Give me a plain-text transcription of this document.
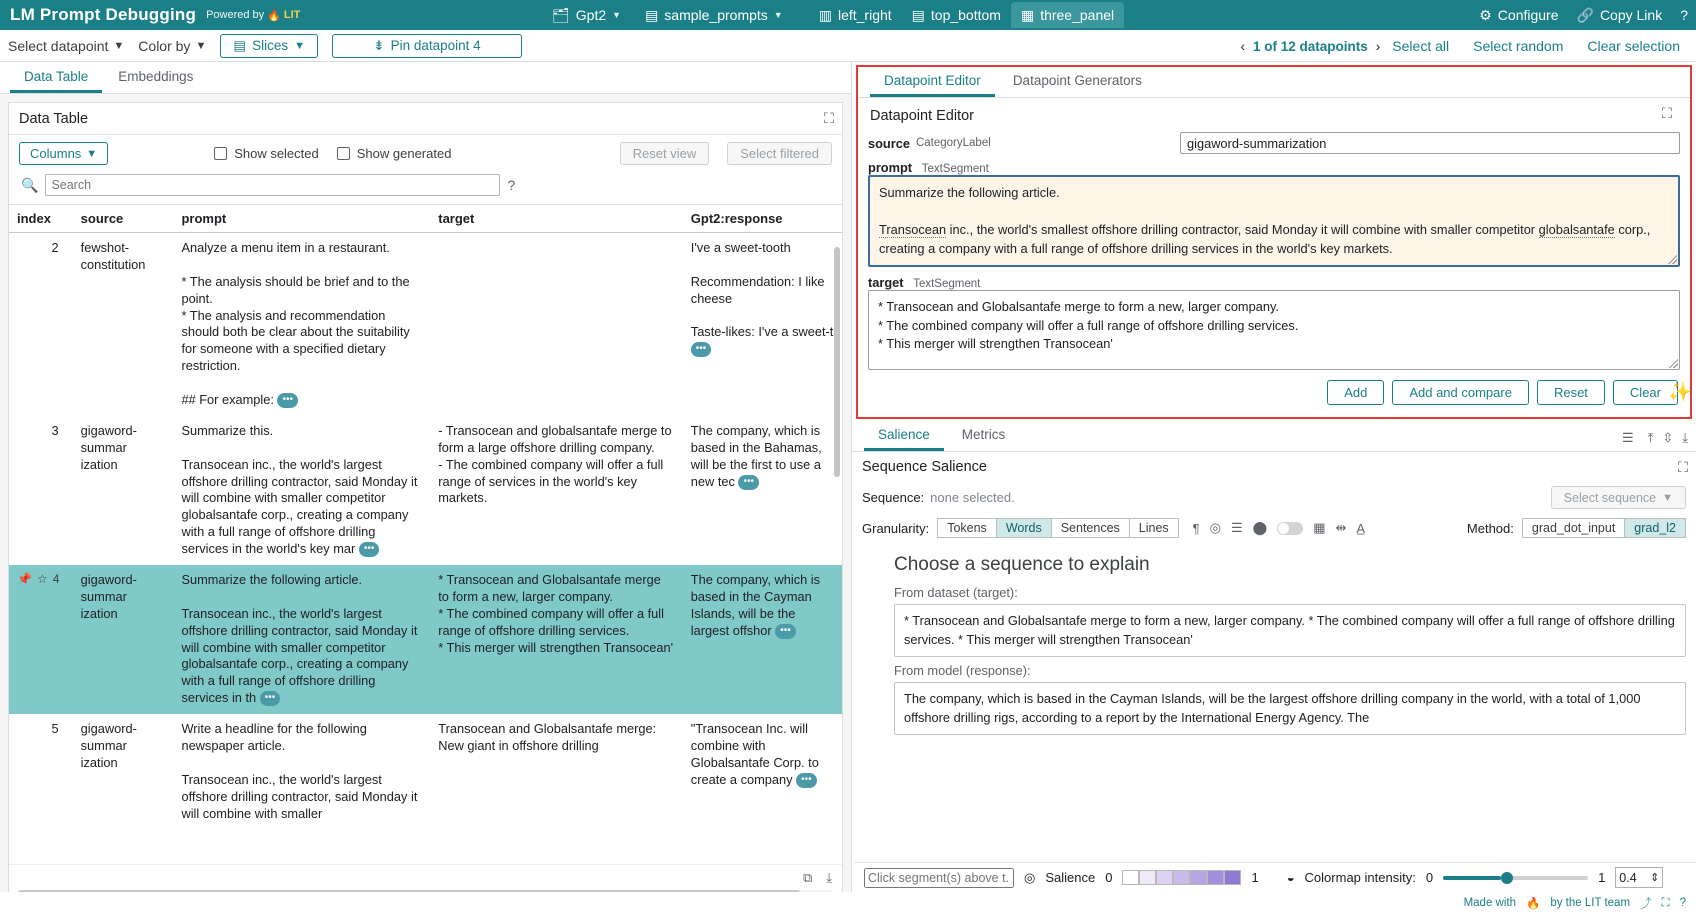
LM Prompt Debugging Powered by 🔥 LIT	🗂 Gpt2 ▼ ▤ sample_prompts ▼	▥ left_right ▤ top_bottom ▦ three_panel	⚙ Configure 🔗 Copy Link ?
Select datapoint ▼ Color by ▼ ▤ Slices ▼	⇟ Pin datapoint 4	‹ 1 of 12 datapoints › Select all	Select random	Clear selection
Data Table	Embeddings
Data Table	⛶
Columns ▼	Show selected	Show generated	Reset view	Select filtered
🔍
Search	?
index	source	prompt	target	Gpt2:response
2	fewshot-
constitution	Analyze a menu item in a restaurant.

* The analysis should be brief and to the point.
* The analysis and recommendation should both be clear about the suitability for someone with a specified dietary restriction.

## For example: •••		I've a sweet-tooth

Recommendation: I like cheese

Taste-likes: I've a sweet-t •••
3	gigaword-
summar
ization	Summarize this.

Transocean inc., the world's largest offshore drilling contractor, said Monday it will combine with smaller competitor globalsantafe corp., creating a company with a full range of offshore drilling services in the world's key mar •••	- Transocean and globalsantafe merge to form a large offshore drilling company.
- The combined company will offer a full range of services in the world's key markets.	The company, which is based in the Bahamas, will be the first to use a new tec •••

📌 ☆ 4	gigaword-
summar
ization	Summarize the following article.

Transocean inc., the world's largest offshore drilling contractor, said Monday it will combine with smaller competitor globalsantafe corp., creating a company with a full range of offshore drilling services in th •••	* Transocean and Globalsantafe merge to form a new, larger company.
* The combined company will offer a full range of offshore drilling services.
* This merger will strengthen Transocean'	The company, which is based in the Cayman Islands, will be the largest offshor •••
5	gigaword-
summar
ization	Write a headline for the following newspaper article.

Transocean inc., the world's largest offshore drilling contractor, said Monday it will combine with smaller	Transocean and Globalsantafe merge: New giant in offshore drilling	"Transocean Inc. will combine with Globalsantafe Corp. to create a company •••
⧉ ⤓
Datapoint Editor	Datapoint Generators
Datapoint Editor	⛶
source CategoryLabel
gigaword-summarization
prompt TextSegment
Summarize the following article.

Transocean inc., the world's smallest offshore drilling contractor, said Monday it will combine with smaller competitor globalsantafe corp., creating a company with a full range of offshore drilling services in the world's key markets.
target TextSegment
* Transocean and Globalsantafe merge to form a new, larger company.
* The combined company will offer a full range of offshore drilling services.
* This merger will strengthen Transocean'
Add	Add and compare	Reset	Clear
Salience	Metrics	☰ ⤒ ⇳ ⤓
Sequence Salience	⛶
Sequence: none selected.	Select sequence ▼
Granularity:	Tokens	Words	Sentences	Lines	¶ ◎ ☰ ⬤	▦ ⇹ A̲	Method:	grad_dot_input	grad_l2
Choose a sequence to explain
From dataset (target):
* Transocean and Globalsantafe merge to form a new, larger company. * The combined company will offer a full range of offshore drilling services. * This merger will strengthen Transocean'
From model (response):
The company, which is based in the Cayman Islands, will be the largest offshore drilling company in the world, with a total of 1,000 offshore drilling rigs, according to a report by the International Energy Agency. The
✨
Click segment(s) above t...
◎ Salience 0	1 ◒ Colormap intensity: 0	1 0.4 ⇕
Made with 🔥 by the LIT team ⤴ ⛶ ?
